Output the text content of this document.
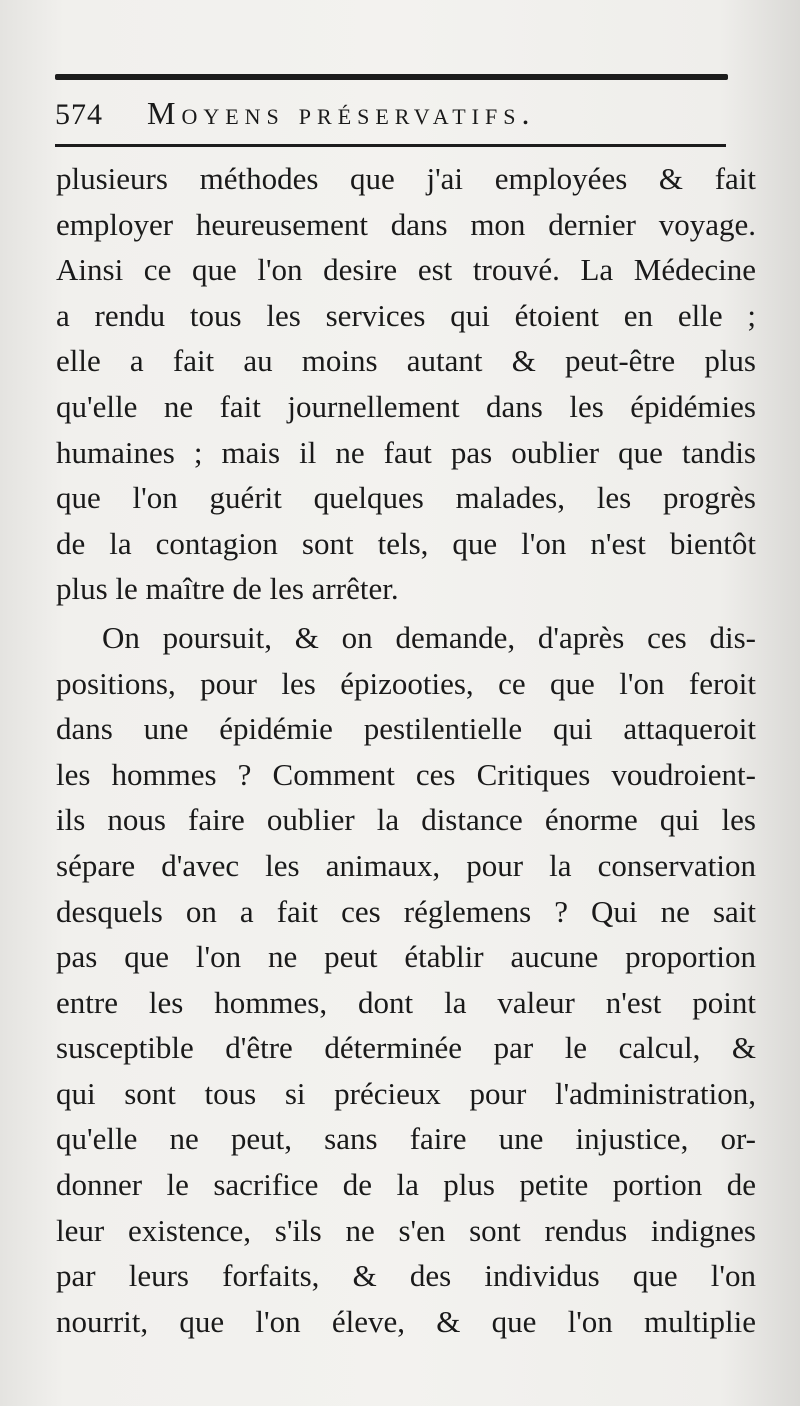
574 Moyens préservatifs.
plusieurs méthodes que j'ai employées & fait
employer heureusement dans mon dernier voyage.
Ainsi ce que l'on desire est trouvé. La Médecine
a rendu tous les services qui étoient en elle ;
elle a fait au moins autant & peut-être plus
qu'elle ne fait journellement dans les épidémies
humaines ; mais il ne faut pas oublier que tandis
que l'on guérit quelques malades, les progrès
de la contagion sont tels, que l'on n'est bientôt
plus le maître de les arrêter.
On poursuit, & on demande, d'après ces dis-
positions, pour les épizooties, ce que l'on feroit
dans une épidémie pestilentielle qui attaqueroit
les hommes ? Comment ces Critiques voudroient-
ils nous faire oublier la distance énorme qui les
sépare d'avec les animaux, pour la conservation
desquels on a fait ces réglemens ? Qui ne sait
pas que l'on ne peut établir aucune proportion
entre les hommes, dont la valeur n'est point
susceptible d'être déterminée par le calcul, &
qui sont tous si précieux pour l'administration,
qu'elle ne peut, sans faire une injustice, or-
donner le sacrifice de la plus petite portion de
leur existence, s'ils ne s'en sont rendus indignes
par leurs forfaits, & des individus que l'on
nourrit, que l'on éleve, & que l'on multiplie
